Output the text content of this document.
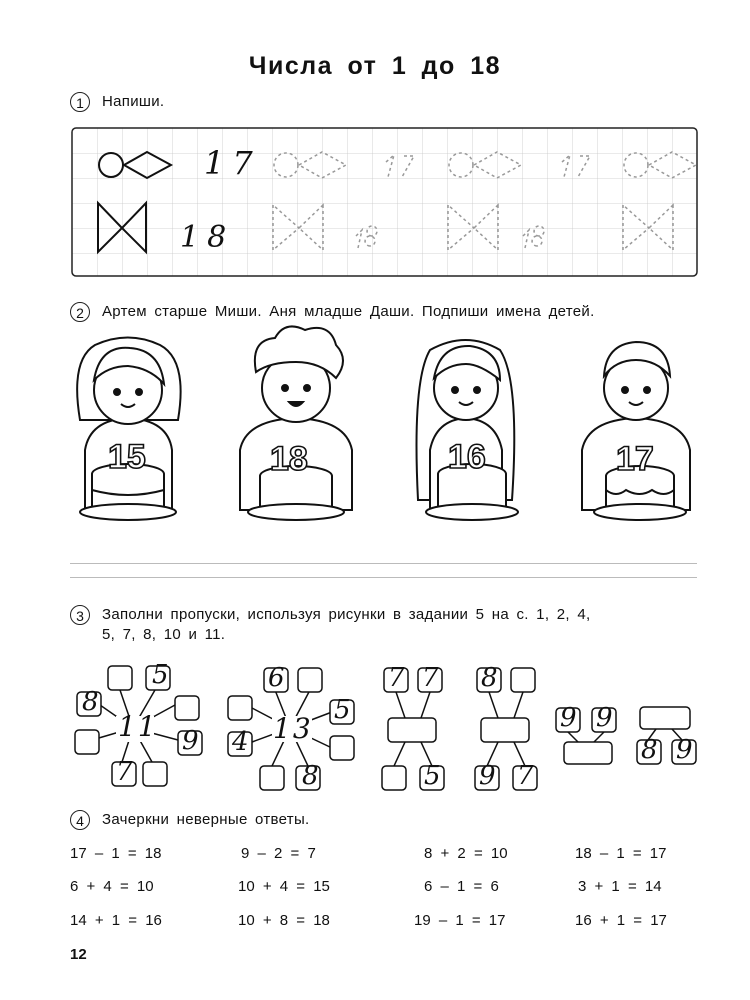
Числа от 1 до 18
1	Напиши.
17
18
2	Артем старше Миши. Аня младше Даши. Подпиши имена детей.
15	18	16	17
3	Заполни пропуски, используя рисунки в задании 5 на с. 1, 2, 4,
5, 7, 8, 10 и 11.
11
5
8
9
7
13
6
4
5
8
7 7
5
8
9 7
9 9
8 9
4	Зачеркни неверные ответы.
17 – 1 = 18	9 – 2 = 7	8 + 2 = 10	18 – 1 = 17
6 + 4 = 10	10 + 4 = 15	6 – 1 = 6	3 + 1 = 14
14 + 1 = 16	10 + 8 = 18	19 – 1 = 17	16 + 1 = 17
12
